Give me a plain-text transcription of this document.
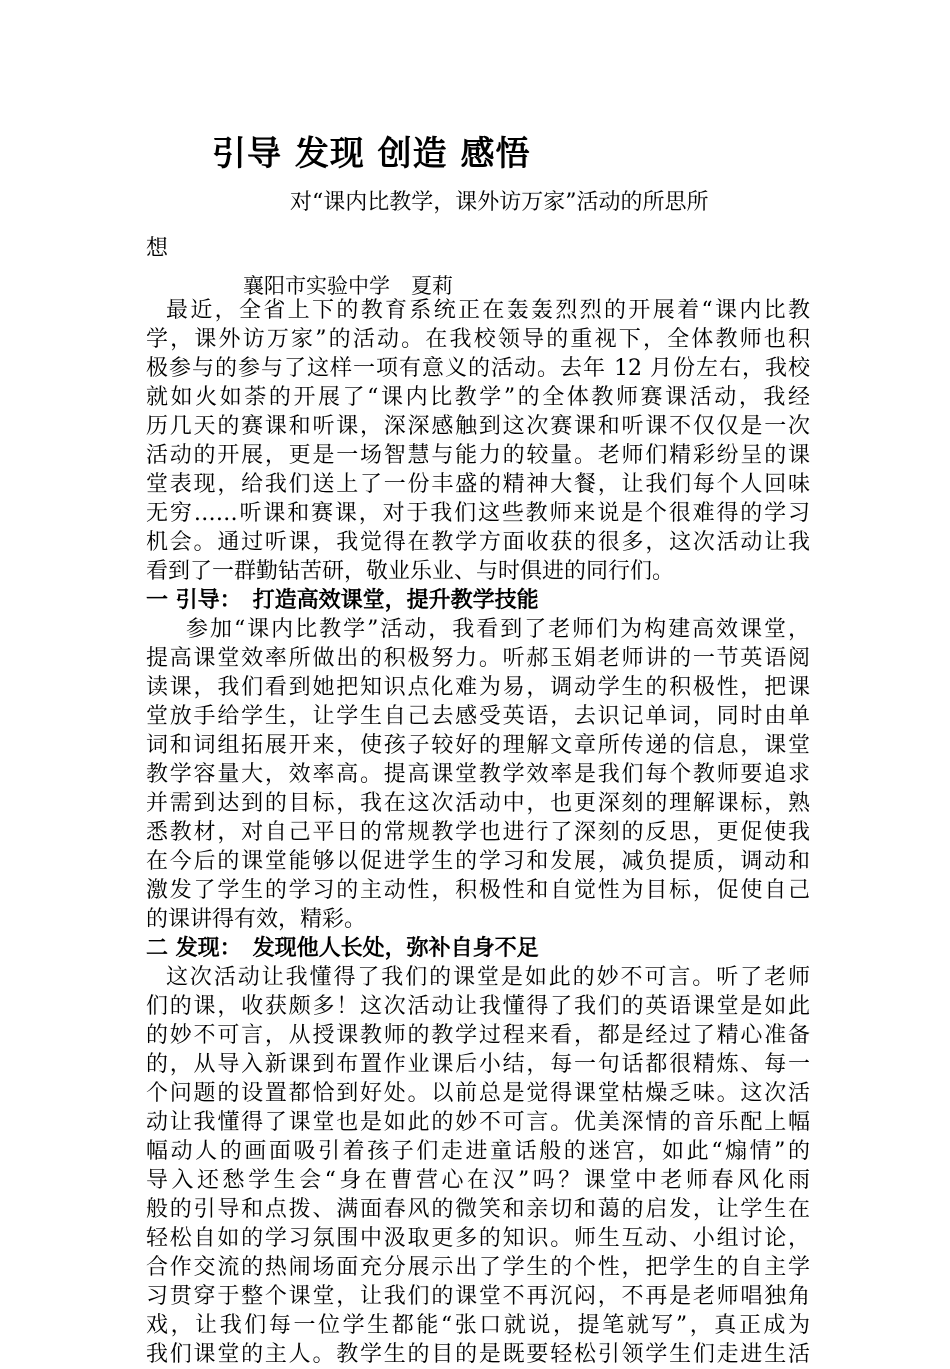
引导 发现 创造 感悟
对“课内比教学，课外访万家”活动的所思所
想
襄阳市实验中学　夏莉
最近，全省上下的教育系统正在轰轰烈烈的开展着“课内比教
学，课外访万家”的活动。在我校领导的重视下，全体教师也积
极参与的参与了这样一项有意义的活动。去年 12 月份左右，我校
就如火如荼的开展了“课内比教学”的全体教师赛课活动，我经
历几天的赛课和听课，深深感触到这次赛课和听课不仅仅是一次
活动的开展，更是一场智慧与能力的较量。老师们精彩纷呈的课
堂表现，给我们送上了一份丰盛的精神大餐，让我们每个人回味
无穷……听课和赛课，对于我们这些教师来说是个很难得的学习
机会。通过听课，我觉得在教学方面收获的很多，这次活动让我
看到了一群勤钻苦研，敬业乐业、与时俱进的同行们。
一 引导：　打造高效课堂，提升教学技能
参加“课内比教学”活动，我看到了老师们为构建高效课堂，
提高课堂效率所做出的积极努力。听郝玉娟老师讲的一节英语阅
读课，我们看到她把知识点化难为易，调动学生的积极性，把课
堂放手给学生，让学生自己去感受英语，去识记单词，同时由单
词和词组拓展开来，使孩子较好的理解文章所传递的信息，课堂
教学容量大，效率高。提高课堂教学效率是我们每个教师要追求
并需到达到的目标，我在这次活动中，也更深刻的理解课标，熟
悉教材，对自己平日的常规教学也进行了深刻的反思，更促使我
在今后的课堂能够以促进学生的学习和发展，减负提质，调动和
激发了学生的学习的主动性，积极性和自觉性为目标，促使自己
的课讲得有效，精彩。
二 发现：　发现他人长处，弥补自身不足
这次活动让我懂得了我们的课堂是如此的妙不可言。听了老师
们的课，收获颇多！这次活动让我懂得了我们的英语课堂是如此
的妙不可言，从授课教师的教学过程来看，都是经过了精心准备
的，从导入新课到布置作业课后小结，每一句话都很精炼、每一
个问题的设置都恰到好处。以前总是觉得课堂枯燥乏味。这次活
动让我懂得了课堂也是如此的妙不可言。优美深情的音乐配上幅
幅动人的画面吸引着孩子们走进童话般的迷宫，如此“煽情”的
导入还愁学生会“身在曹营心在汉”吗？课堂中老师春风化雨
般的引导和点拨、满面春风的微笑和亲切和蔼的启发，让学生在
轻松自如的学习氛围中汲取更多的知识。师生互动、小组讨论，
合作交流的热闹场面充分展示出了学生的个性，把学生的自主学
习贯穿于整个课堂，让我们的课堂不再沉闷，不再是老师唱独角
戏，让我们每一位学生都能“张口就说，提笔就写”，真正成为
我们课堂的主人。教学生的目的是既要轻松引领学生们走进生活
